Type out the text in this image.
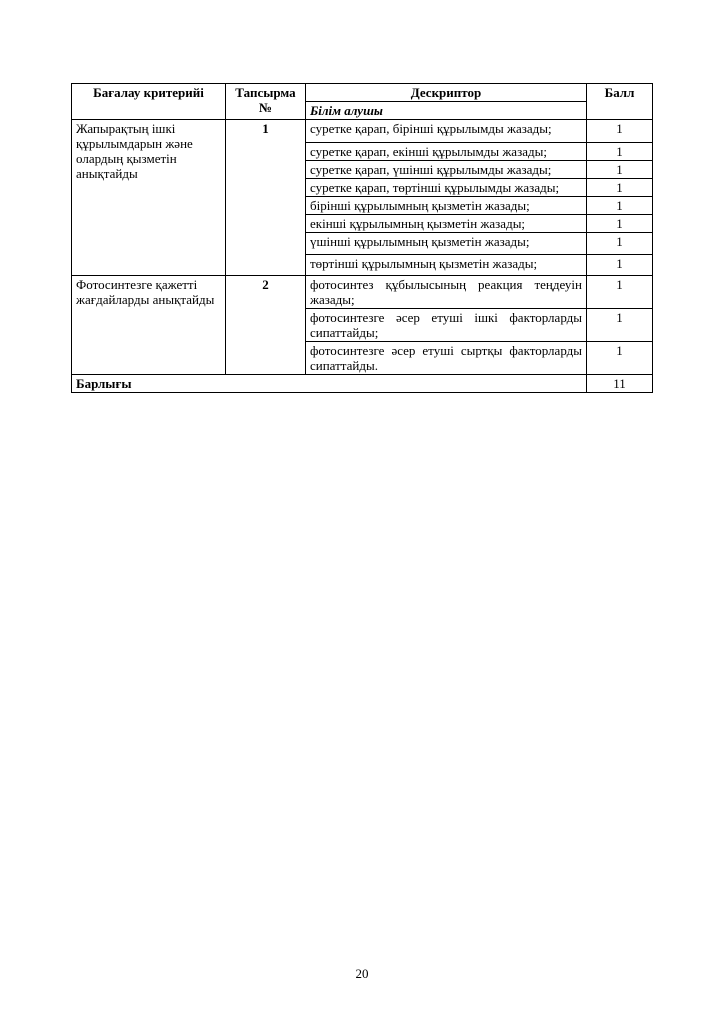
Бағалау критерийі	Тапсырма №	Дескриптор	Балл
		Білім алушы	
Жапырақтың ішкі құрылымдарын және олардың қызметін анықтайды	1	суретке қарап, бірінші құрылымды жазады;	1
		суретке қарап, екінші құрылымды жазады;	1
		суретке қарап, үшінші құрылымды жазады;	1
		суретке қарап, төртінші құрылымды жазады;	1
		бірінші құрылымның қызметін жазады;	1
		екінші құрылымның қызметін жазады;	1
		үшінші құрылымның қызметін жазады;	1
		төртінші құрылымның қызметін жазады;	1
Фотосинтезге қажетті жағдайларды анықтайды	2	фотосинтез құбылысының реакция теңдеуін жазады;	1
		фотосинтезге әсер етуші ішкі факторларды сипаттайды;	1
		фотосинтезге әсер етуші сыртқы факторларды сипаттайды.	1
Барлығы			11
20
